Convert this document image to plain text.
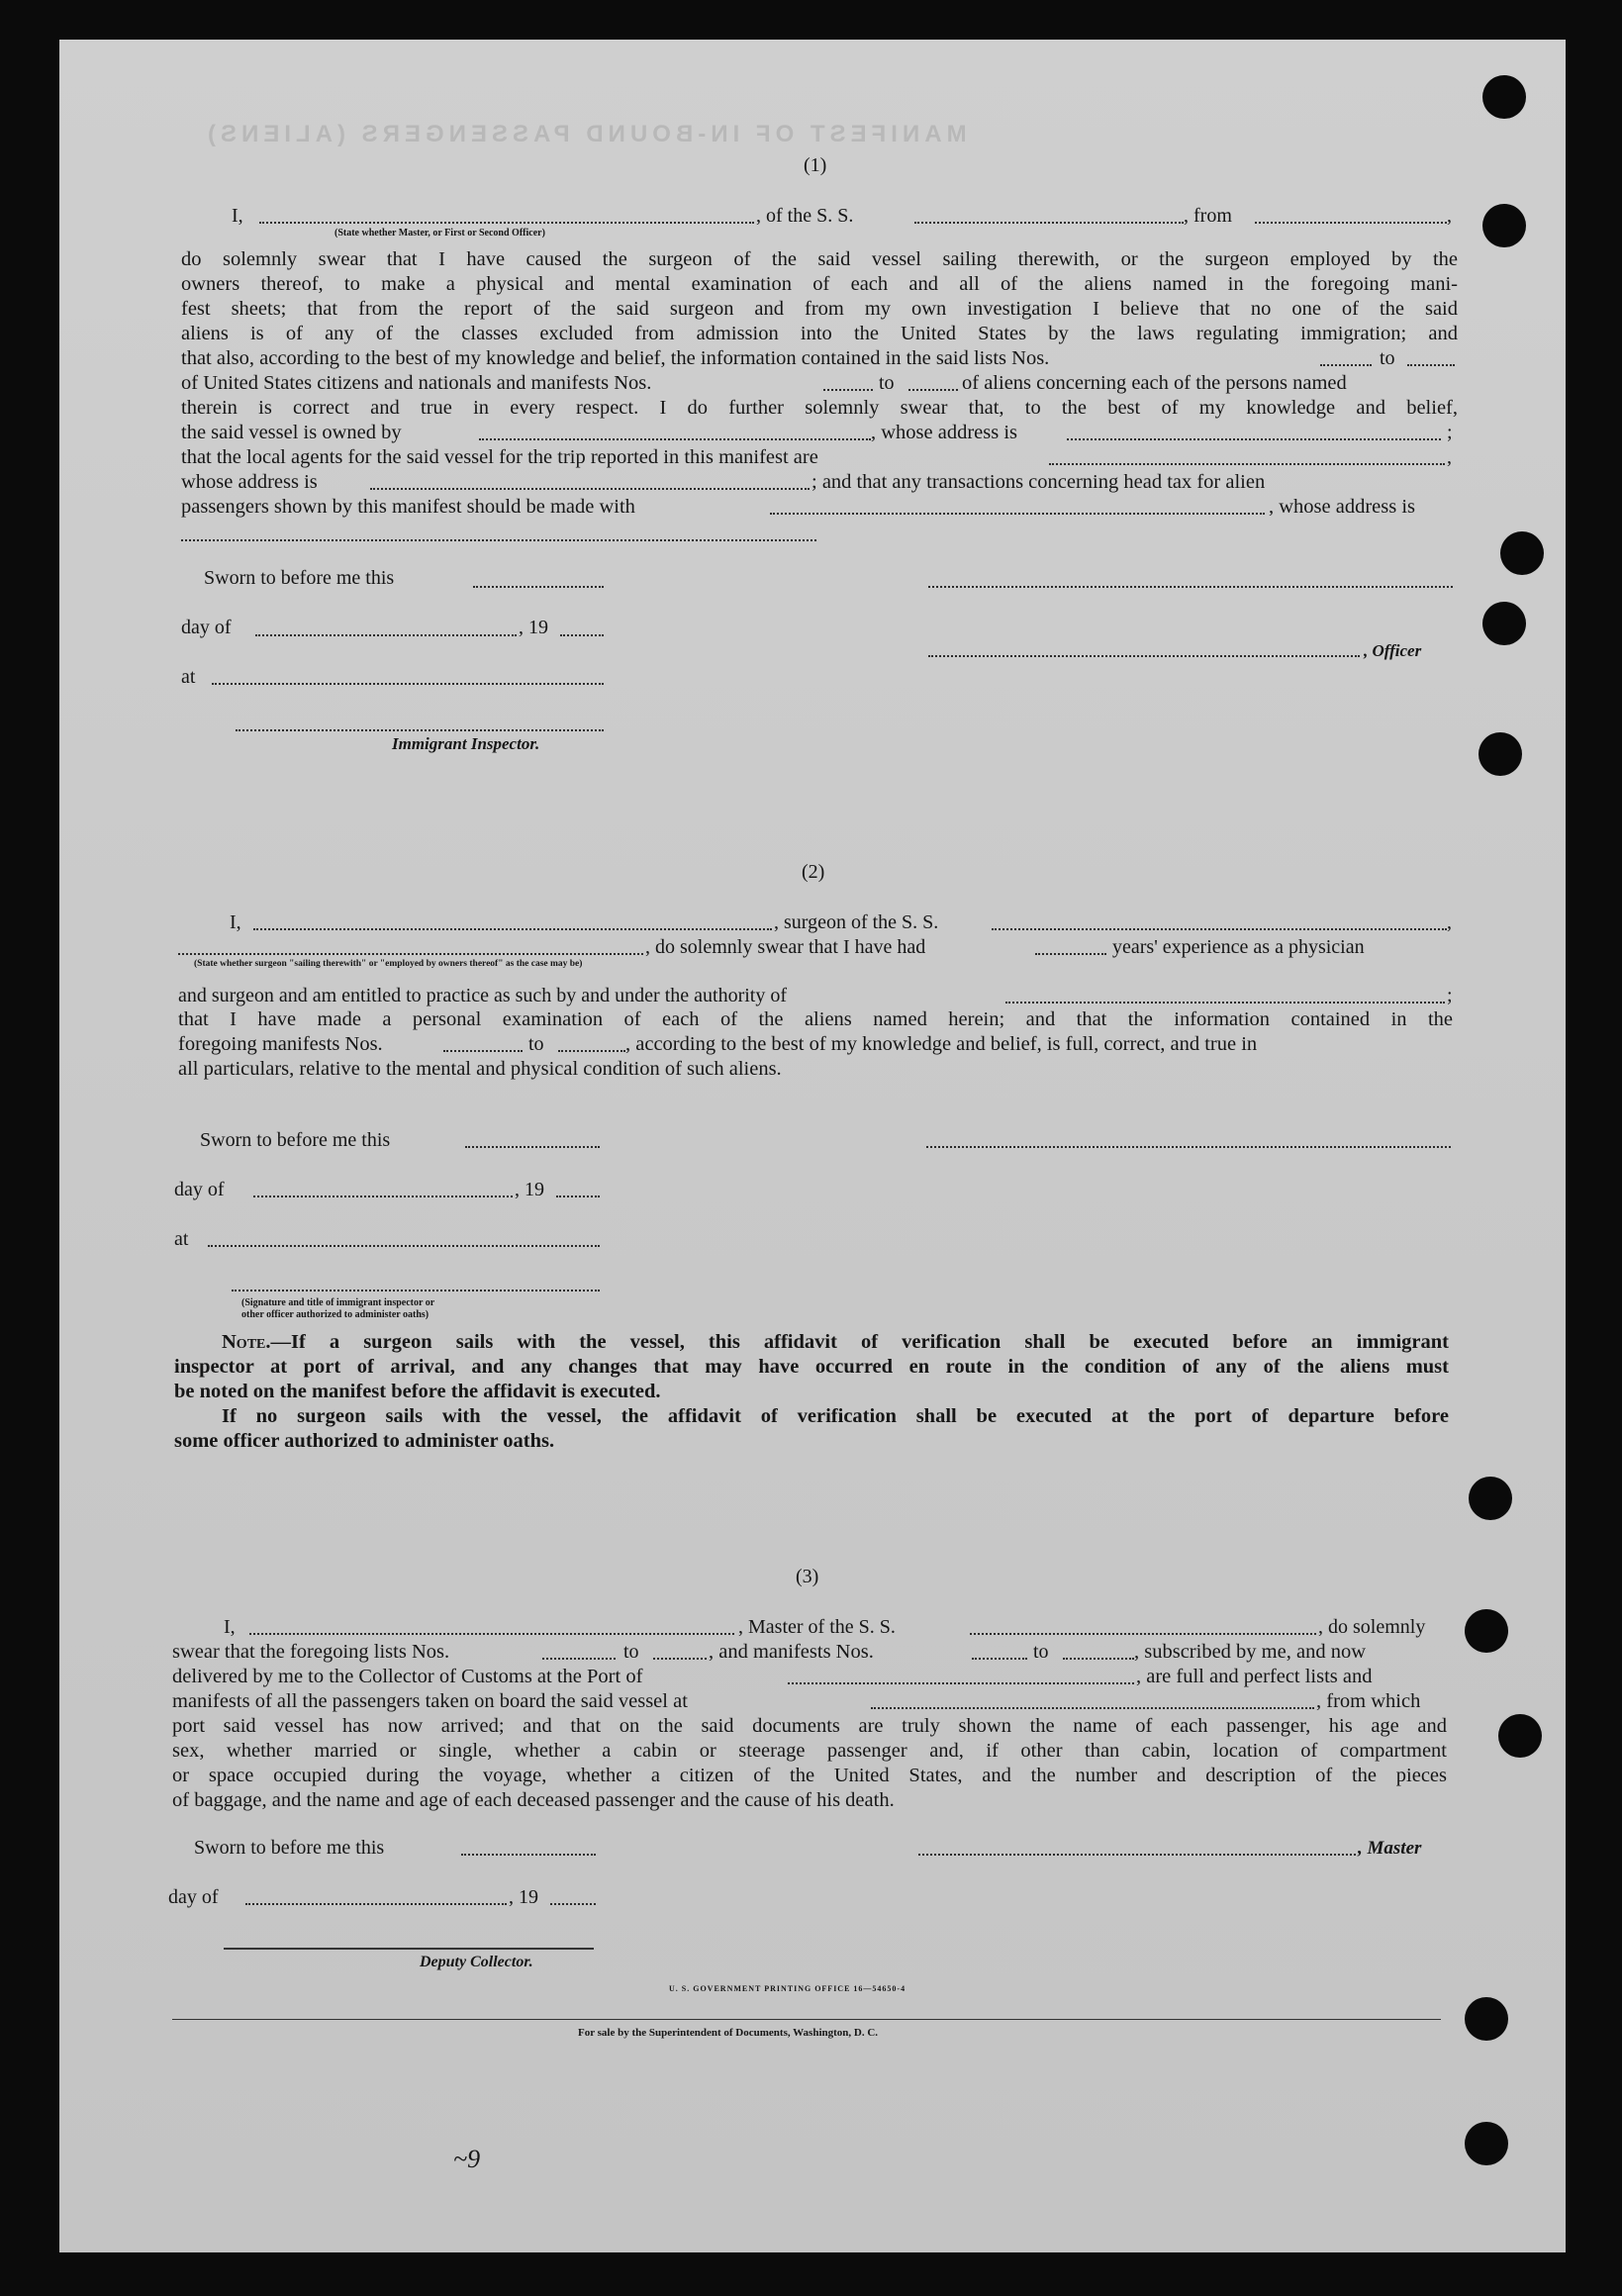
MANIFEST OF IN-BOUND PASSENGERS (ALIENS)
(1)
I,	, of the S. S.	, from	,
(State whether Master, or First or Second Officer)
do solemnly swear that I have caused the surgeon of the said vessel sailing therewith, or the surgeon employed by the
owners thereof, to make a physical and mental examination of each and all of the aliens named in the foregoing mani-
fest sheets; that from the report of the said surgeon and from my own investigation I believe that no one of the said
aliens is of any of the classes excluded from admission into the United States by the laws regulating immigration; and
that also, according to the best of my knowledge and belief, the information contained in the said lists Nos.	to
of United States citizens and nationals and manifests Nos.	to	of aliens concerning each of the persons named
therein is correct and true in every respect. I do further solemnly swear that, to the best of my knowledge and belief,
the said vessel is owned by	, whose address is	;
that the local agents for the said vessel for the trip reported in this manifest are	,
whose address is	; and that any transactions concerning head tax for alien
passengers shown by this manifest should be made with	, whose address is
Sworn to before me this
day of	, 19
, Officer
at
Immigrant Inspector.
(2)
I,	, surgeon of the S. S.	,
, do solemnly swear that I have had	years' experience as a physician
(State whether surgeon "sailing therewith" or "employed by owners thereof" as the case may be)
and surgeon and am entitled to practice as such by and under the authority of	;
that I have made a personal examination of each of the aliens named herein; and that the information contained in the
foregoing manifests Nos.	to	, according to the best of my knowledge and belief, is full, correct, and true in
all particulars, relative to the mental and physical condition of such aliens.
Sworn to before me this
day of	, 19
at
(Signature and title of immigrant inspector or
other officer authorized to administer oaths)
Note.—If a surgeon sails with the vessel, this affidavit of verification shall be executed before an immigrant
inspector at port of arrival, and any changes that may have occurred en route in the condition of any of the aliens must
be noted on the manifest before the affidavit is executed.
If no surgeon sails with the vessel, the affidavit of verification shall be executed at the port of departure before
some officer authorized to administer oaths.
(3)
I,	, Master of the S. S.	, do solemnly
swear that the foregoing lists Nos.	to	, and manifests Nos.	to	, subscribed by me, and now
delivered by me to the Collector of Customs at the Port of	, are full and perfect lists and
manifests of all the passengers taken on board the said vessel at	, from which
port said vessel has now arrived; and that on the said documents are truly shown the name of each passenger, his age and
sex, whether married or single, whether a cabin or steerage passenger and, if other than cabin, location of compartment
or space occupied during the voyage, whether a citizen of the United States, and the number and description of the pieces
of baggage, and the name and age of each deceased passenger and the cause of his death.
Sworn to before me this	, Master
day of	, 19
Deputy Collector.
U. S. GOVERNMENT PRINTING OFFICE 16—54650-4
For sale by the Superintendent of Documents, Washington, D. C.
~9
